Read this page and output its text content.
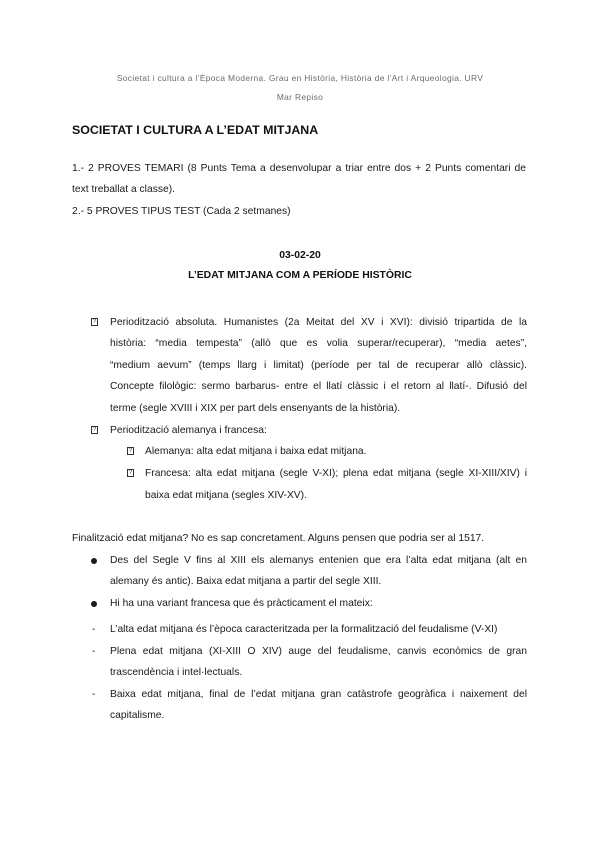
Societat i cultura a l’Època Moderna. Grau en Història, Història de l’Art i Arqueologia. URV
Mar Repiso
SOCIETAT I CULTURA A L’EDAT MITJANA
1.- 2 PROVES TEMARI (8 Punts Tema a desenvolupar a triar entre dos + 2 Punts comentari de
text treballat a classe).
2.- 5 PROVES TIPUS TEST (Cada 2 setmanes)
03-02-20
L’EDAT MITJANA COM A PERÍODE HISTÒRIC
? Periodització absoluta. Humanistes (2a Meitat del XV i XVI): divisió tripartida de la
història: “media tempesta” (allò que es volia superar/recuperar), “media aetes”,
“medium aevum” (temps llarg i limitat) (període per tal de recuperar allò clàssic).
Concepte filològic: sermo barbarus- entre el llatí clàssic i el retorn al llatí-. Difusió del
terme (segle XVIII i XIX per part dels ensenyants de la història).
? Periodització alemanya i francesa:
? Alemanya: alta edat mitjana i baixa edat mitjana.
? Francesa: alta edat mitjana (segle V-XI); plena edat mitjana (segle XI-XIII/XIV) i
baixa edat mitjana (segles XIV-XV).
Finalització edat mitjana? No es sap concretament. Alguns pensen que podria ser al 1517.
Des del Segle V fins al XIII els alemanys entenien que era l’alta edat mitjana (alt en
alemany és antic). Baixa edat mitjana a partir del segle XIII.
Hi ha una variant francesa que és pràcticament el mateix:
- L’alta edat mitjana és l’època caracteritzada per la formalització del feudalisme (V-XI)
- Plena edat mitjana (XI-XIII O XIV) auge del feudalisme, canvis econòmics de gran
trascendència i intel·lectuals.
- Baixa edat mitjana, final de l’edat mitjana gran catàstrofe geogràfica i naixement del
capitalisme.
